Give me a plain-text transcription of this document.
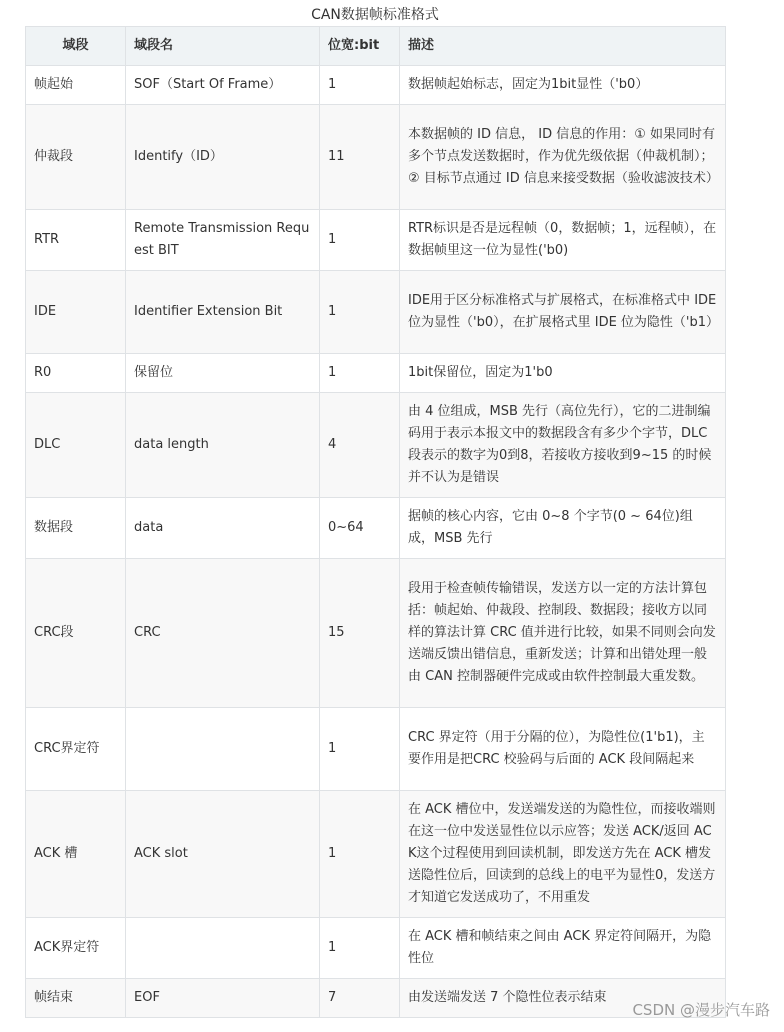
CAN数据帧标准格式
域段	域段名	位宽:bit	描述
帧起始	SOF（Start Of Frame）	1	数据帧起始标志，固定为1bit显性（'b0）
仲裁段	Identify（ID）	11	本数据帧的 ID 信息， ID 信息的作用：① 如果同时有多个节点发送数据时，作为优先级依据（仲裁机制）；② 目标节点通过 ID 信息来接受数据（验收滤波技术）
RTR	Remote Transmission Request BIT	1	RTR标识是否是远程帧（0，数据帧；1，远程帧），在数据帧里这一位为显性('b0)
IDE	Identifier Extension Bit	1	IDE用于区分标准格式与扩展格式，在标准格式中 IDE 位为显性（'b0），在扩展格式里 IDE 位为隐性（'b1）
R0	保留位	1	1bit保留位，固定为1'b0
DLC	data length	4	由 4 位组成，MSB 先行（高位先行），它的二进制编码用于表示本报文中的数据段含有多少个字节，DLC 段表示的数字为0到8，若接收方接收到9~15 的时候并不认为是错误
数据段	data	0~64	据帧的核心内容，它由 0~8 个字节(0 ~ 64位)组成，MSB 先行
CRC段	CRC	15	段用于检查帧传输错误，发送方以一定的方法计算包括：帧起始、仲裁段、控制段、数据段；接收方以同样的算法计算 CRC 值并进行比较，如果不同则会向发送端反馈出错信息，重新发送；计算和出错处理一般由 CAN 控制器硬件完成或由软件控制最大重发数。
CRC界定符		1	CRC 界定符（用于分隔的位），为隐性位(1'b1)，主要作用是把CRC 校验码与后面的 ACK 段间隔起来
ACK 槽	ACK slot	1	在 ACK 槽位中，发送端发送的为隐性位，而接收端则在这一位中发送显性位以示应答；发送 ACK/返回 ACK这个过程使用到回读机制，即发送方先在 ACK 槽发送隐性位后，回读到的总线上的电平为显性0，发送方才知道它发送成功了，不用重发
ACK界定符		1	在 ACK 槽和帧结束之间由 ACK 界定符间隔开，为隐性位
帧结束	EOF	7	由发送端发送 7 个隐性位表示结束
CSDN @漫步汽车路
